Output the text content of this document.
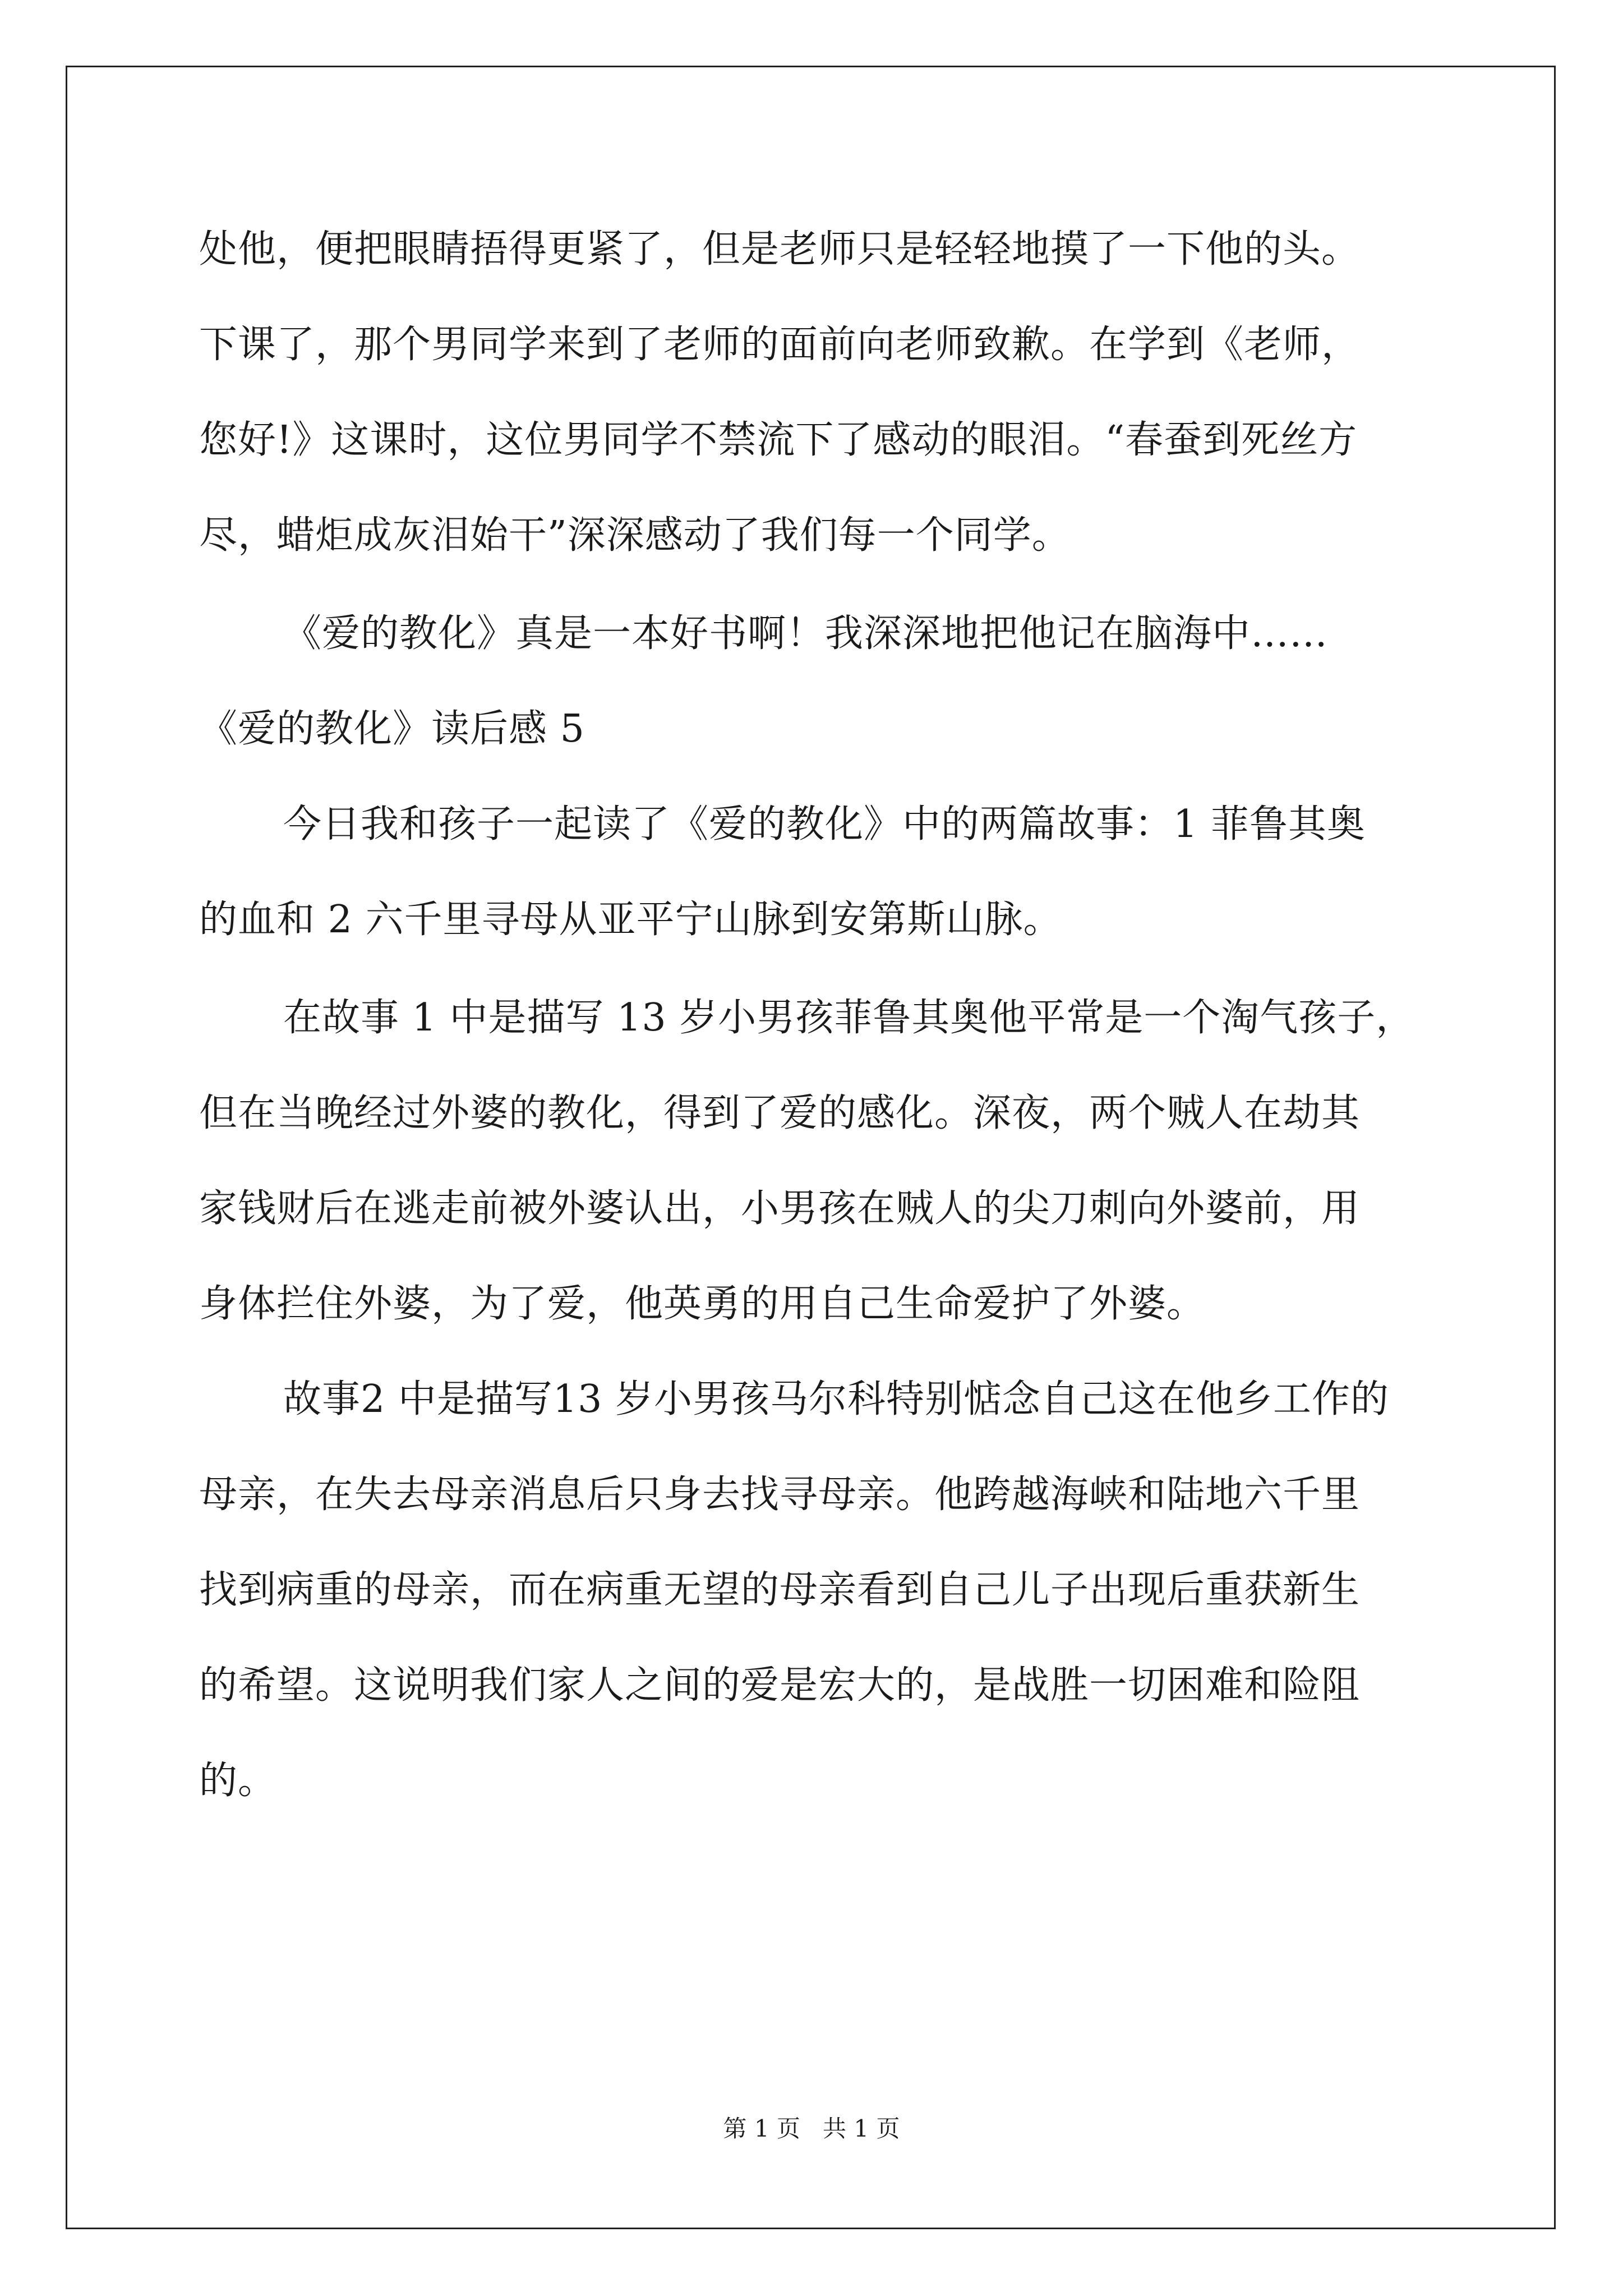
处他，便把眼睛捂得更紧了，但是老师只是轻轻地摸了一下他的头。
下课了，那个男同学来到了老师的面前向老师致歉。在学到《老师，
您好!》这课时，这位男同学不禁流下了感动的眼泪。“春蚕到死丝方
尽，蜡炬成灰泪始干”深深感动了我们每一个同学。
《爱的教化》真是一本好书啊！我深深地把他记在脑海中……
《爱的教化》读后感 5
今日我和孩子一起读了《爱的教化》中的两篇故事：1 菲鲁其奥
的血和 2 六千里寻母从亚平宁山脉到安第斯山脉。
在故事 1 中是描写 13 岁小男孩菲鲁其奥他平常是一个淘气孩子，
但在当晚经过外婆的教化，得到了爱的感化。深夜，两个贼人在劫其
家钱财后在逃走前被外婆认出，小男孩在贼人的尖刀刺向外婆前，用
身体拦住外婆，为了爱，他英勇的用自己生命爱护了外婆。
故事2 中是描写13 岁小男孩马尔科特别惦念自己这在他乡工作的
母亲，在失去母亲消息后只身去找寻母亲。他跨越海峡和陆地六千里
找到病重的母亲，而在病重无望的母亲看到自己儿子出现后重获新生
的希望。这说明我们家人之间的爱是宏大的，是战胜一切困难和险阻
的。
第 1 页   共 1 页
